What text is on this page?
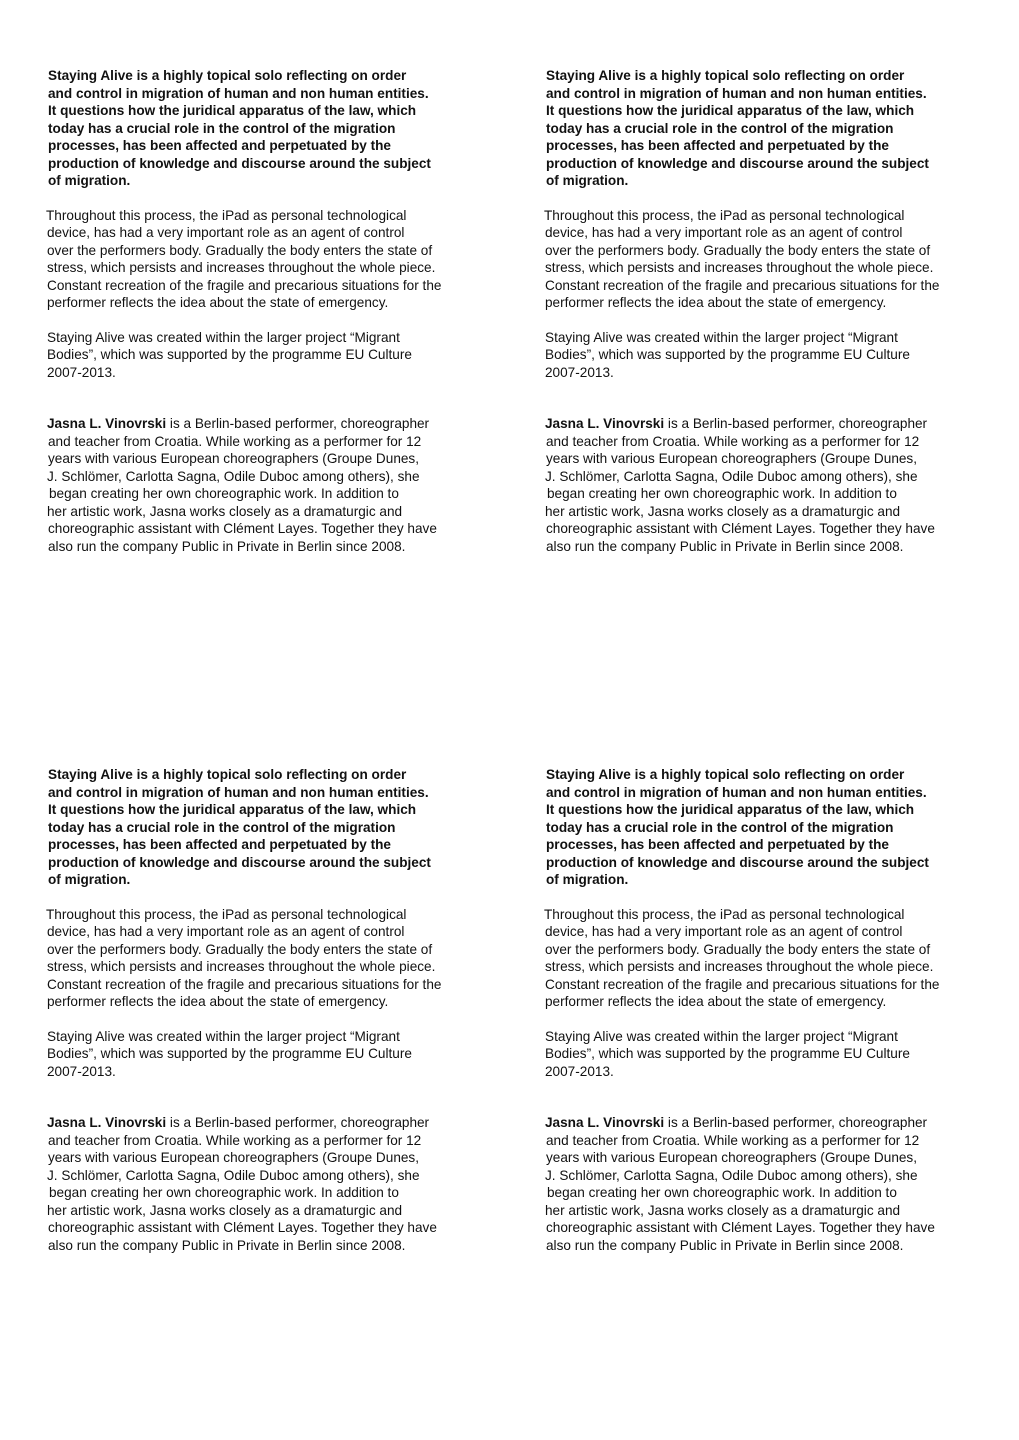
Staying Alive is a highly topical solo reflecting on order
and control in migration of human and non human entities.
It questions how the juridical apparatus of the law, which
today has a crucial role in the control of the migration
processes, has been affected and perpetuated by the
production of knowledge and discourse around the subject
of migration.

Throughout this process, the iPad as personal technological
device, has had a very important role as an agent of control
over the performers body. Gradually the body enters the state of
stress, which persists and increases throughout the whole piece.
Constant recreation of the fragile and precarious situations for the
performer reflects the idea about the state of emergency.

Staying Alive was created within the larger project “Migrant
Bodies”, which was supported by the programme EU Culture
2007-2013.

Jasna L. Vinovrski is a Berlin-based performer, choreographer
and teacher from Croatia. While working as a performer for 12
years with various European choreographers (Groupe Dunes,
J. Schlömer, Carlotta Sagna, Odile Duboc among others), she
began creating her own choreographic work. In addition to
her artistic work, Jasna works closely as a dramaturgic and
choreographic assistant with Clément Layes. Together they have
also run the company Public in Private in Berlin since 2008.

Staying Alive is a highly topical solo reflecting on order
and control in migration of human and non human entities.
It questions how the juridical apparatus of the law, which
today has a crucial role in the control of the migration
processes, has been affected and perpetuated by the
production of knowledge and discourse around the subject
of migration.

Throughout this process, the iPad as personal technological
device, has had a very important role as an agent of control
over the performers body. Gradually the body enters the state of
stress, which persists and increases throughout the whole piece.
Constant recreation of the fragile and precarious situations for the
performer reflects the idea about the state of emergency.

Staying Alive was created within the larger project “Migrant
Bodies”, which was supported by the programme EU Culture
2007-2013.

Jasna L. Vinovrski is a Berlin-based performer, choreographer
and teacher from Croatia. While working as a performer for 12
years with various European choreographers (Groupe Dunes,
J. Schlömer, Carlotta Sagna, Odile Duboc among others), she
began creating her own choreographic work. In addition to
her artistic work, Jasna works closely as a dramaturgic and
choreographic assistant with Clément Layes. Together they have
also run the company Public in Private in Berlin since 2008.

Staying Alive is a highly topical solo reflecting on order
and control in migration of human and non human entities.
It questions how the juridical apparatus of the law, which
today has a crucial role in the control of the migration
processes, has been affected and perpetuated by the
production of knowledge and discourse around the subject
of migration.

Throughout this process, the iPad as personal technological
device, has had a very important role as an agent of control
over the performers body. Gradually the body enters the state of
stress, which persists and increases throughout the whole piece.
Constant recreation of the fragile and precarious situations for the
performer reflects the idea about the state of emergency.

Staying Alive was created within the larger project “Migrant
Bodies”, which was supported by the programme EU Culture
2007-2013.

Jasna L. Vinovrski is a Berlin-based performer, choreographer
and teacher from Croatia. While working as a performer for 12
years with various European choreographers (Groupe Dunes,
J. Schlömer, Carlotta Sagna, Odile Duboc among others), she
began creating her own choreographic work. In addition to
her artistic work, Jasna works closely as a dramaturgic and
choreographic assistant with Clément Layes. Together they have
also run the company Public in Private in Berlin since 2008.

Staying Alive is a highly topical solo reflecting on order
and control in migration of human and non human entities.
It questions how the juridical apparatus of the law, which
today has a crucial role in the control of the migration
processes, has been affected and perpetuated by the
production of knowledge and discourse around the subject
of migration.

Throughout this process, the iPad as personal technological
device, has had a very important role as an agent of control
over the performers body. Gradually the body enters the state of
stress, which persists and increases throughout the whole piece.
Constant recreation of the fragile and precarious situations for the
performer reflects the idea about the state of emergency.

Staying Alive was created within the larger project “Migrant
Bodies”, which was supported by the programme EU Culture
2007-2013.

Jasna L. Vinovrski is a Berlin-based performer, choreographer
and teacher from Croatia. While working as a performer for 12
years with various European choreographers (Groupe Dunes,
J. Schlömer, Carlotta Sagna, Odile Duboc among others), she
began creating her own choreographic work. In addition to
her artistic work, Jasna works closely as a dramaturgic and
choreographic assistant with Clément Layes. Together they have
also run the company Public in Private in Berlin since 2008.
